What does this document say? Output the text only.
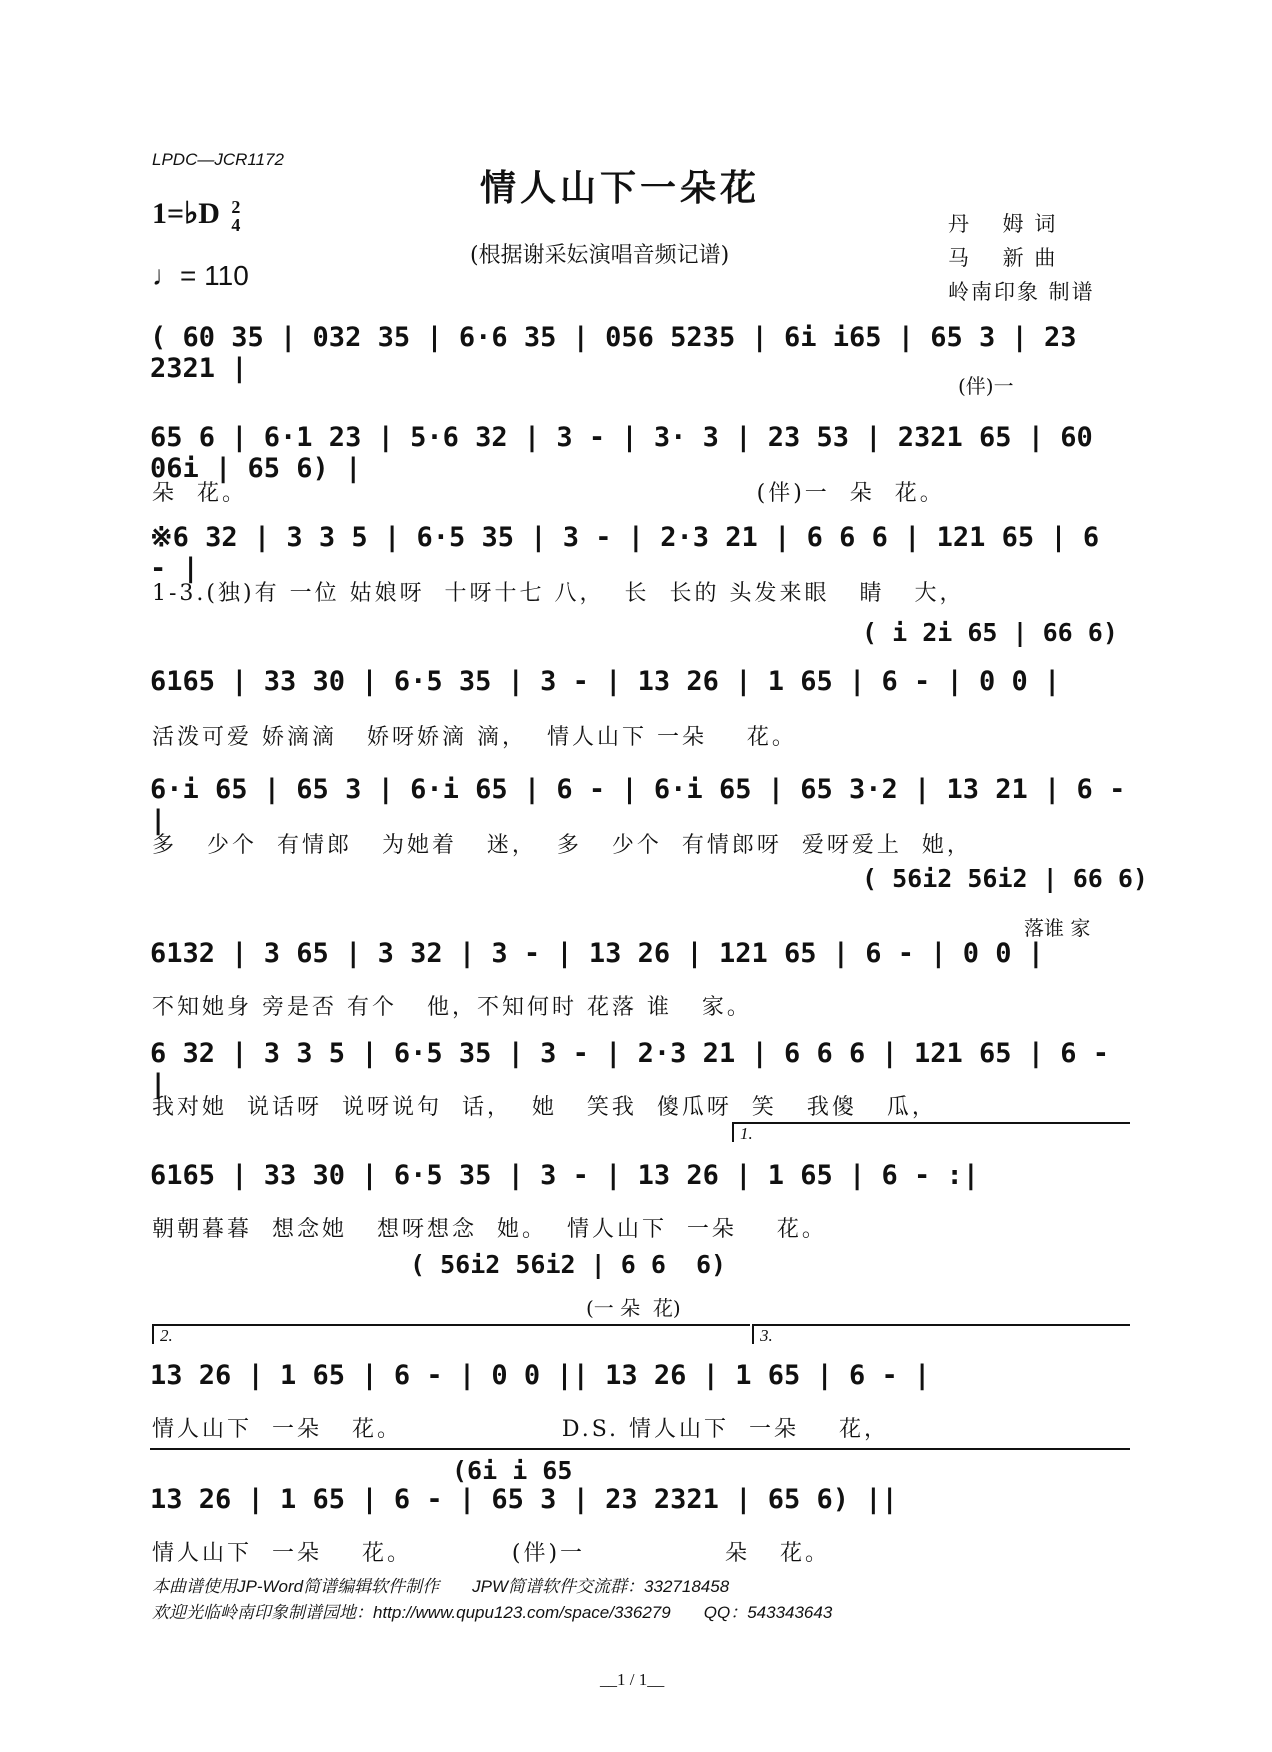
LPDC—JCR1172
情人山下一朵花
(根据谢采妘演唱音频记谱)
1=♭D 2
4
♩= 110
丹　 姆 词
马　 新 曲
岭南印象 制谱
( 60 35 | 032 35 | 6·6 35 | 056 5235 | 6i i65 | 65 3 | 23 2321 |
(伴)一
65 6 | 6·1 23 | 5·6 32 | 3 - | 3· 3 | 23 53 | 2321 65 | 60 06i | 65 6) |
朵  花。                                                   (伴)一  朵  花。
※6 32 | 3 3 5 | 6·5 35 | 3 - | 2·3 21 | 6 6 6 | 121 65 | 6 - |
1-3.(独)有 一位 姑娘呀  十呀十七 八，  长  长的 头发来眼   睛   大，
( i 2i 65 | 66 6)
6165 | 33 30 | 6·5 35 | 3 - | 13 26 | 1 65 | 6 - | 0 0 |
活泼可爱 娇滴滴   娇呀娇滴 滴，  情人山下 一朵    花。
6·i 65 | 65 3 | 6·i 65 | 6 - | 6·i 65 | 65 3·2 | 13 21 | 6 - |
多   少个  有情郎   为她着   迷，  多   少个  有情郎呀  爱呀爱上  她，
( 56i2 56i2 | 66 6)
落谁 家
6132 | 3 65 | 3 32 | 3 - | 13 26 | 121 65 | 6 - | 0 0 |
不知她身 旁是否 有个   他，不知何时 花落 谁   家。
6 32 | 3 3 5 | 6·5 35 | 3 - | 2·3 21 | 6 6 6 | 121 65 | 6 - |
我对她  说话呀  说呀说句  话，  她   笑我  傻瓜呀  笑   我傻   瓜，
1.
6165 | 33 30 | 6·5 35 | 3 - | 13 26 | 1 65 | 6 - :|
朝朝暮暮  想念她   想呀想念  她。  情人山下  一朵    花。
( 56i2 56i2 | 6 6  6)
(一 朵  花)
2.	3.
13 26 | 1 65 | 6 - | 0 0 || 13 26 | 1 65 | 6 - |
情人山下  一朵   花。                D.S. 情人山下  一朵    花，
(6i i 65
13 26 | 1 65 | 6 - | 65 3 | 23 2321 | 65 6) ||
情人山下  一朵    花。          (伴)一              朵   花。
本曲谱使用JP-Word简谱编辑软件制作       JPW简谱软件交流群：332718458
欢迎光临岭南印象制谱园地：http://www.qupu123.com/space/336279       QQ：543343643
__1 / 1__
